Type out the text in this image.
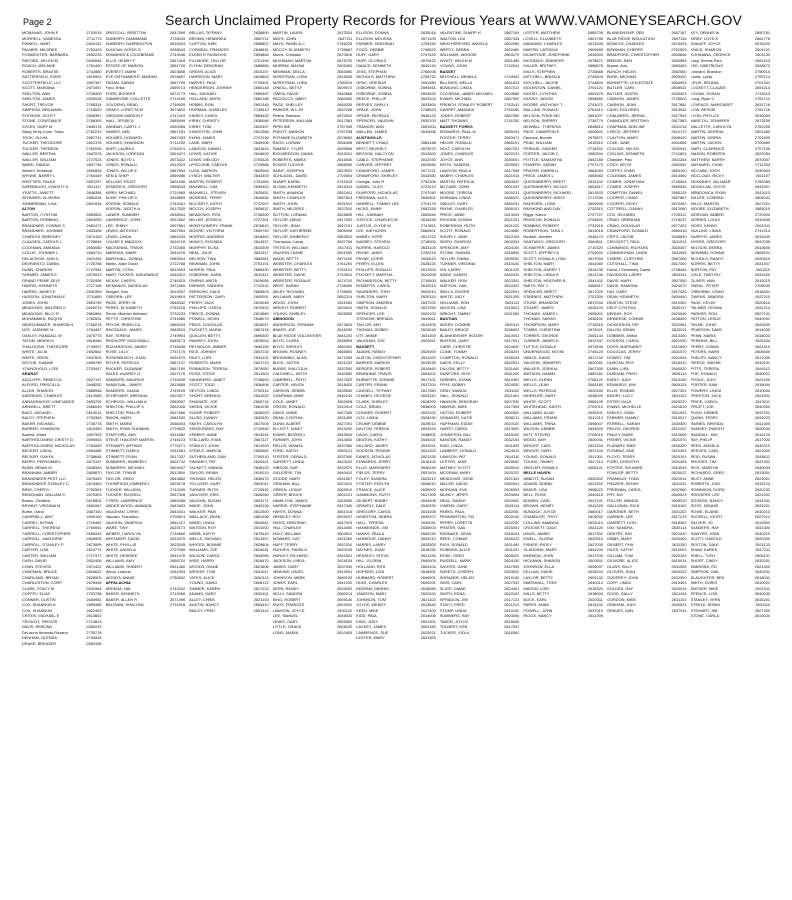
Page 2	Search Unclaimed Property Records for Previous Years at WWW.VAMONEYSEARCH.GOV
MCMANAS, JOHN P	2743915
MORRELL, VANESSA	2711773
PINNELL, BART	2634132
PALMER, MILDRED	2752429
POINDEXTER, BARBARA	2652233
RAFORD, HELEN M	2645084
ROACH, MELANIE	2761440
ROBERTS, BRAXSE	2742860
SATTERFIELD, EVER	2619501
SCOTTERFIELD, LLC	2657367
SCOTT, MARIANA	2671067
SHELTON, ANN	2735405
SHELTON, JAMES	2620028
SHORT, TREVOR	2765314
SIMPSON, BENJAMIN	2718520
STEVENS, SCOTT	2645367
STONE, CONSTANCE	2768363
SYKES, GARY M	2645176
Stacy Kirby Cons, Trista	2762213
TOOK, OLIVIA	2657741
TUCKER, THEODORE	2621376
TUCKER, THERESA	2762026
WALLER, BERTHA	2647076
WALLER, WILLIAM	2727523
WARD, RANDA	2697746
Warren, Kristiana	2690826
WYNNE, BARRY L	2764449
WHITTIER, PAULA	2657257
WIREBAUGH, CHASITY A	2621117
YEATTS, JANETT	2646356
ZEHNDER, ALJENNY	2651094
ZIMMERMAN, LISA	2601534
ALTON
BARTON, CYNTHIA	2653502
BARTON, ROBBING	2603050
BRANDNER, CONNIE S	2681472
BRANDNER, JOHNNIE	2633306
CHARLES SWEENEY	2671429
CLAUSEN, CAROLE L	2725646
COLEMAN, AMANDA	2653080
COLLIE, JOHNNIE L	2664710
DELACROIX, ANN C	2621492
DEVRIENTO, DANNI	2725758
DUNN, SHARON	2747961
FARMER, JAMES E	2673523
GRAND PRIME SELF	2751958
HARRIS, KENNETH	2727165
HARRIS, JAMES E	2642359
HUDSON, JONATHAN E	2711669
JONES, JOHN	2693749
MEADOWS, MILDRED K	2620075
MEADOWS, BILLY R	2661864
MOHAMMED, RUQIYA	2762531
NEWSOMAKER, SHARON H	2768215
NYE, JASMINE N	2764467
OAKLEY, RANDALL W	2675775
TATUM, MINDA M	2618446
THALGOSKI, THEODORE	2740007
WHITE, JULIA	2652662
WHITE, VIRGIL	2647603
WYCHE, DIANNE	2695789
YOUNGHOLD, LORI	2753447
ARARAT
ADCLIFFE, REBECCA	2627197
ALFORD, PRISCILLA	2648252
ALLEN, SHARON	2665946
ANDREWS, CHARLES	2613569
ANNAGRAGOS, VINEYARDS	2653792
ARNWELL, BRETT	2666049
BAEZ, MICHAEL	2613014
BALEY, STEPHEN	2753363
BAKER, MICHAEL	2738778
BARBER, SHANNON	2624493
Barnes, Allard	2697903
BARTHOLOMEW, CRISTY D	2690553
BARTHOLOMEW, NICHOLAS	2764069
BECKER, LINDA	2694466
BECKER, GAVYN	2738648
BERRY, PERSONNEL	2673197
BLAIR, BRIAN M	2648349
BRANHAM, AMBER	2605870
BRANDNEER PEST LLC	2675443
BRANDNEER STANLEY C	2674463
BRAY, CHERYL	2752583
BRIDGMAN, WILLIAM S	2675303
Brown, Christine	2676824
BRYANT, VIRGINIA M	2681567
Burke, Dana	2687340
CAMPBELL, AMY	2640100
CARREL, BYRAN	2715462
CARRELL, THERESA	2760061
CARRELL, CHRISTOPHER	2698332
CARROLL, MARJORIE	2628905
CARROLL, STANLEY P	2673999
CARTER, LISA	2614774
CARTER, WILLIAM	2717377
CASH, DAVID	2631408
CHAN, STEVEN	2671422
CHAPMAN, BRUCE	2616622
CHARLAND, BRYAN	2626503
CHARLESTON, CORP	2678348
CLARK, STACY M	2641964
COFFEY, ELIAS	2753758
CONNER, DUSTIN	2684981
COX, SHANNON A	2659485
COX, SHANNON	2622453
CRITES, MICHAEL E	2613602
CROUCH, TREVOR	2713813
DAVIS, REBONA	2650243
DeLaurin Amanda Roxana	2735778
DENHAM, GLENDA	2743426
DRAKE, BREAZER	2653155
DRISCOLL, BRISTTNA	2647590
DUBERRY, DIAMMAND	2735043
DUBERRY, DARRINGTON	2615024
DUNCAN, DORIS G	2638043
EDWARDS & LOCKBRAND	2743046
ELLIS, HENRY F	2647418
ESTATE OF MARION	2651726
EVERETT, MARK	2623556
EYE ORTHAMERIT, MARIAN	2676697
FAGAN, SARAH	2657795
Ford, Erika	2659713
FORD, BOOKER	2674773
GAMBRONE, COLLETTE	2714168
GOLDENG, BRAD	2759929
GRADY, LORETTA M	2673810
GROOMS MARION F	2747419
HALL, JESSICA	2685949
HANNAH, CARYL J	2630065
HAWES, VAN	2667181
HOLMES, HOWARD	2667433
HOLMES, SHANNON	2711292
HURT, LAURA K	2764474
JACKSON, LORENZA	2624474
JONES, BOYD L	2673422
JONES, RONALD	2612024
JONES, WILLIE E	2667694
KEN & SHEP	2669086
KELLING TRUST	2601536
KENERICK, GREGORY	2658043
KIRBY, MICHAEL	2721665
KLINE, PHILLIP D	2618899
KORSIN, RONALD	2744331
KORSIN, JUDITH A	2617520
LANIER, SUMMER	2638944
LAWRENCE, JOHN	2637662
LEE, JENNY	2697861
LEWIS, ANTHONY	2667554
LEWIS, LINDA	2661034
LOUISE E MADDOX	2616716
MACKENNA, TRAVIS	2732065
MARINAS, MARK	2644476
MARSHALL, DONNA	2683544
Martin, Allan Gould	2722768
MARTIN, CYRIL	2612003
MARY TUCKER, INSURANCE	2640412
MCKAY, CHERYL	2746315
MCMANUS, NICHOLAS	2671650
Morgan, Sari	2610997
OSBORN, LEE	2619819
PAGE, JERRY W	2648342
PEREZ, ELIZABETH	2762216
Perrin, Michael Webster	2732233
PETTIT, CHRISTINE	2741880
PRYOR, REBECCA	2665434
RAGSDALE, JAMES	2683519
RAY, TERESA	2749903
REIDSOPP, MCDOWALL	2645173
RICHARDSON, JAMES	2748435
ROSE, LILLY	2757175
ROSENBUSCH, JOAN	2631579
ROYER, PATRICIA	2667137
RUCKER, SUZANNE	2667189
SALES, AUDREY G	2627176
SANDERS, MAURICE	2733049
SANDOVAL, JAMES	2613685
SANDERS, JUANA	2749109
SCHRODER, BRENDAL	2622577
SCHROCK, WILLIAM A	2683057
SHELTON, PHILLIP S	2652326
SHELTON, PHILLIP	2617666
SIMON, MARY	2681530
SMITH, MARIE	2636403
SMITH, RYAN SHUNMIK	2729632
STAFFORD, AMY	2614482
STEVE THACKER MARTIN	2748123
STEWART, ARTHUR	2776271
STINNETT, DARLA	2611581
STINNETT, RYAN	2617337
SUMMERS, KIMBERLY	2601742
SUMMERS, MICHAEL	2629437
TAYLOR, TRAVIS	2612800
TAYLOR, GREG	2643862
THOMPSON, KIMBERLY	2603178
TUCKER, WILLENA	2742945
TUCKER, RUSSELL	2657308
TYREE, LAWRENCE	2683458
UNDER WOOD, AMANDA	2643403
VAUGHAN, CHRIS	2643431
Vaccaro, Francisco	2705613
VAUGHN, VANESSA	2661417
WARE, TINY	2623173
WEBER, CAROLYN	2734660
WHITAKER, DAVID	2614475
WHITE, PHYLLIS	2622045
WHITE, ANGELA	2727060
WHITE, DESIREE	2641476
WILLIAMS, AMY	2658710
WILLIAMS, ROBERT	2631480
Wood, Leanne	2611903
WOODS, ANNIE	2750542
APPALACHIA
ARDENA, HAL	2742042
BAKER, KENNETH	2719066
BAKER, ALLEN R	2671496
BALDWIN, SHALYNN	2731916
BELLAS, TIFFANY	2638600
BROWN, HENDRIKA	2660711
CLIFTON, KIRK	2698807
CORNEAL, FRANCES	2648831
ELDEN R RIGWOOD	2653864
FILLMORE, TAYLOR	2701394
FLYNN, DEBORAH	2686684
GREEN, ALICE	2615107
HARRISON, MARY	2618863
HARVEY, PAUL	2725301
HENDERSON, JOHNNY	2680148
HILL, MICHAEL	2695487
HOLLAND, ANITA	2682166
HOBBS, RON	2601345
HORMAN, CHARLES	2745510
KINSEY, CAROL	2683420
KIRBY, CHRISTY	2636066
KIRBY, TOM	2620497
KNIGHTON, JOHN	2612366
KUHN, JAMES	2707036
LANE, MARY	2640006
LAWSON, DANIEL	2631614
LEWIS, KATHIE	2616603
LEWIS, MELODY	2700326
LIPSCOMB, CAROLE	2710566
LUSK, MARION	2629064
LYNCH, WALTER	2643303
MARTIN, ROBERT	2751054
MAXWELL, KIM	2649402
MAXWELL, STEVEN	2625451
MCBRIDE, TERRY	2618454
MCCARTY, KATHY	2747007
MCCOY, JOSEPH	2609637
MEADOWS, RITA	2746300
MILLER, JESSICA	2727161
MONTGOMERY, FRANK	2676810
MOORE, VICTORIA	2609740
MORRIS, ANDREW	2618463
MUNCY, RHONDA	2614337
MURPHY, ELISA	2615305
NEAL, JULIE	2633117
NELSON, TINA	2685511
NEWMAN, JOHN	2753101
NORRIS, PAUL	2685430
OSBORNE, KARA	2610112
OWENS, ANITA	2619055
PARKER, SANDRA	2710310
PARSONS, DALE	2684503
PATTERSON, GARY	2640051
PERRY, JACK	2610048
PHILLIPS, CAROL	2679402
PIERCE, DONNA	2614560
POWELL, KEVIN	2648070
PRICE, DOUGLAS	2625047
PUCKETT, MARIA	2657416
QUILLEN, BETTY	2696300
RAMSEY, JOHN	2619004
REYNOLDS, AMBER	2640155
RICE, JOHNNY	2657233
RILEY, LORI	2633101
ROBERTS, MARK	2621710
ROBINSON, TERESA	2679050
ROSS, STEVE	2611603
SAUNDERS, JANET	2746602
SCOTT, TODD	2636406
SEXTON, LINDA	2752314
SHORT, BRENDA	2641020
SHUMATE, JOE	2605716
SKEEN, VICKIE	2661036
SLEMP, ROBERT	2626003
SLUSS, DANNY	2632520
SMITH, CAROLYN	2617004
SNODGRASS, RAY	2710540
SPARKS, ANNE	2613034
STALLARD, EVAN	2667117
STANLEY, JOHN	2612003
STEELE, MARCIA	2653062
SUTHERLAND, DAN	2705310
SWINNEY, PAT	2620401
TACKETT, WANDA	2648120
TAYLOR, BRIAN	2610015
THOMAS, HELEN	2636470
TOLLIVER, GARY	2694011
TURNER, RUTH	2715532
VANOVER, ERIC	2626060
VAUGHN, SUSAN	2603171
WADE, JOHN	2640126
WALKER, PAM	2612500
WALLACE, DEAN	2681006
WARD, LINDA	2605611
WATSON, ROY	2631002
WEBB, KATHY	2675410
WELLS, MICHAEL	2613307
WHITED, BONNIE	2629604
WILLIAMS, JOE	2624031
WILSON, CAROL	2643055
WISE, HARRY	2618470
WOODS, DIANE	2621606
WRIGHT, TOM	2631047
YATES, ALICE	2650114
YOUNG, DAVID	2608122
ZIMMER, KAREN	2617024
ADAMS, GARY	2632401
ALLEY, CHRIS	2621103
AUSTIN, NANCY	2653410
BAILEY, FRED	2651310
MARTIN, LAURA	2623204
MAYS, JOHN	2647111
MAYS, PAMELA C	2746225
MCCOY, ELIZABETH	2735687
Morris, Christian	2670618
MOSSMAN, MARTHA	2675720
MURRAY, MAYNA	2609400
NEWMAN, DELLA	2653060
NORSTRAN, LORA	2616035
NORSTRAN, LORA	2760015
O'NEILL, BETSY	2609072
OWEN, DAVID	2640665
PACIOCCO, MARY	2660062
PAGE, SHELLEY	2665326
PARKER, W L JR	2637206
Peters, Barbara	2670510
PETERSON, WILLIAM	2617063
PIPELINE	2757945
POINTT, MARION	2757208
POTAWIE ELIZABETH	2678062
RAGS, LORIAN	2636408
RAMSEY, TYLER	2639656
RICHARDSON, DIANA	2619201
ROBERTS, MARIA	2616040
RODES TUCKER	2668050
SAINT, JOSEPHA	2623520
SCHLAGEL, DAVID	2703604
SHARP, KARIN	2741515
SLOAN, KENNETH	2615313
SMITH, AMANDA	2652441
SMITH, CHARLES	2657813
SMITH, JOHN	2631910
SMITH, MILDRED	2637510
SUTTON, LORANA	2626805
TAYLOR, DAVID	2617502
TAYLOR, JEAN	2647101
TAYLOR, KATHERINE	2605006
TAYLOR, KIMBERLY	2663510
Thompson, Laura	2637764
TRITSCH, WILLIAM	2617411
VAUGHN, DIANE	2601530
WADE, BETTY	2672100
WEBSTER, CHARLES	2761200
WEBSTER, BETTY	2754101
WEBSTER, DAVID	2743510
WEBSTER, ROSALIE	2674700
WEST, SARAH	2738400
WILEY, RICHARD	2739500
WILLIAMS, MARY	2652214
WOOD, JOHN	2611500
WRIGHT, ROBERT	2634010
YOUNG, SHIRLEY	2625055
ABINGDON
ANDERSON, VERNAM	2673810
BAKER, JOE	2618200
BLUE RIDGE VOLUNTEER	2641202
BOYD, CLARA	2638905
BOYD, SHIRLEY	2662002
BROWN, RODNEY	2665800
BROWNING, ALAN	2671005
BUCK, JUSTIN	2621020
BURKE, MALCOLM	2637500
CALDWELL, KEITH	2640060
CAMPBELL, PATTI	2617020
CARTER, HELEN	2618420
CARSON, DEBRA	2639540
CHAPMAN, MIKE	2640140
COLE, JANET	2652608
CROSS, RONALD	2610014
DAVIS, MARK	2627340
DEAN, CYNTHIA	2631450
DUNN, ALBERT	2627301
ELLIOTT, JANET	2615200
EVANS, BEVERLY	2643003
FARMER, JOHN	2614500
FIELDS, WANDA	2637060
FORD, KATHY	2650121
FOSTER, GERALD	2637050
GARRETT, LINDA	2610102
GIBSON, SUE	2632070
GILLESPIE, TIM	2640410
GOODE, MARY	2631507
GRAHAM, BILL	2622010
GREEN, LESLIE	2659010
GREER, BRUCE	2602101
HAMILTON, JAMES	2625050
HARRIS, STEPHANIE	2617340
HAYES, DONNA	2661015
HENSLEY, ROY	2629207
HICKS, DEBORAH	2647024
HILL, CHARLES	2613060
HOLT, WILLIAM	2604510
HOWARD, KAY	2621060
HUFF, TERRY	2657010
HUGHES, PAMELA	2620135
HURLEY, RICHARD	2641501
JACKSON, LINDA	2628105
JAMES, GARY	2637040
JENKINS, HAZEL	2613051
JOHNSON, MARK	2680103
JONES, EARL	2641230
KEEN, RANDY	2634052
KELLY, SANDRA	2650214
KING, ROBERT	2609140
KNOX, FRANCES	2624010
LAWSON, JOYCE	2631120
LEE, SAMUEL	2646020
LEWIS, GARY	2659060
LITTLE, GRACE	2608102
LONG, MARIA	2610405
ELLISON, DONNA	2635016
ELLISON, MELISSA	2671109
FARMER, DEBORAH	2754330
FOGG, DEBBIE	2746522
HUFF, GARY	2747420
HUFF, GLORIA Z	2679420
ISAACS, KENNETH	2640143
JESS, STEPHAN	2760006
NICHOLS, MATTHEW	2706732
OPAC, GRESIAS	2651580
OSBORNE, SONNA	2694461
OSBORNE, SONNA	2604633
REECE, PHILLIP	2623104
REEVES, SHELLY	2633500
SPALE, JOHN	2748523
SPEAR, PATRICIA	2648123
SPENCER, VAUGHN	2630700
TRAINOR, ANN	2651504
WALLEN, JAMES	2610006
AUSTINVILLE
BENNETT, CRAIG	2684188
BRITT, BEVERLY	2679070
BRYSON, HALCYON	2612600
CABLE, STEPHANIE	2612030
CARVER, JEFFREY	2620650
CRAWFORD, JAMES	2677221
CRAWFORD, SHIRLEY	2643350
Coregis, John R	2752306
DANIEL, CLEO	2722012
DUNFORD, NICHOLAS	2747040
FREEMAN, ALEX	2646301
HARRELL, TOMMY LEE	2701176
HICKS, JIMMY	2652330
HILL, HANNAH	2600840
JUSTICE, CHARLES W	2616426
JUSTUS, CLYDE W	2743511
LEE, KATHLEEN	2680601
MABRY, HOPE	2617222
MASSEY, STEVEN	2718000
NORRIS, HAROLD	2633103
PAYNE, JANIS	2700215
PAYNE, DORIS	2620610
PERRY, ELLEN	2628220
PHILLIPS, RONALD	2617004
PUCKETT, MARTHA	2620005
RICHARDSON, BETTY	2716500
ROBERTS, CAROL	2610013
SAUNDERS, TONY	2620010
SHELTON, MARY	2620310
SIMPSON, ANDREA	2637200
SMITH, RONALD	2627050
SPENCER, LEE	2620100
STEVENS, BRENDA	2646011
TAYLOR, AMY	2610305
THOMAS, BOBBY	2624040
UTT, ANNIE	2631100
VAUGHAN, JOE	2626011
BASSETT
ADAMS, RANDY	2625000
AUSTIN, CHRISTOPHER	2611020
BARKER, MARION	2619030
BERGER, ROBERT	2624460
BRANHAM, TRAVIS	2604002
BURNETTE, DONNIE	2617101
CARTER, FRANK	2637200
CASSELL, TIFFANY	2617360
CHANEY, GEORGE	2625310
CLARK, SHIRLEY	2618200
COLE, BRIAN	2636003
CONNER, ROBERT	2622100
COX, LINDA	2628330
CRUMP, DEBBIE	2629014
DALTON, TERESA	2632520
DAVIS, CAROL	2638001
DEATON, KATHY	2645101
DILLARD, JAMES	2632011
DODSON, RONNIE	2621200
EANES, DOUGLAS	2621330
EDWARDS, JERRY	2616100
ELLIS, MARGARET	2640240
FIELDS, TERRY	2637404
FOLEY, SANDRA	2623210
FOSTER, EVELYN	2628010
FRANCE, ALICE	2639002
GAMMONS, RUTH	2617305
GILBERT, BOBBY	2604006
GRAVELY, DALE	2640330
GREGORY, CAROL	2614106
HAIRSTON, DEBRA	2630107
HALL, TERESA	2630041
HAMMONDS, JIM	2635003
HANKS, PAULA	2600230
HARBOUR, DANNY	2620210
HARRIS, LARRY	2625300
HAYNES, JOAN	2616250
HENSLEY, STEVE	2621330
HILL, GLORIA	2640005
HOLLAND, RITA	2604104
HOPKINS, LISA	2618301
HUBBARD, ROBERT	2640001
HUNT, CHARLES	2630201
INGRAM, DENNIS	2618050
JAMISON, MARY	2620320
JOHNSON, TOM	2621102
JOYCE, WENDY	2613540
KEEN, MIKE	2617400
KIDD, PAUL	2614006
KING, JUDY	2641301
LACKEY, JAMES	2601340
LAWRENCE, SUE	2623021
LESTER, MARY	2631300
VALENTINE, SHARP H	2667104
WALTON, LEA	2667444
WEATHERFORD, ANGELA	2602099
WERTZ, DEBRA	2622460
WILLIAMS, WOODIE	2603170
WYATT, HELEN M	2651485
YOUNG, JOHN	2742041
BASSET
MITCHELL, BRIAN A	2744403
BILLINGS, MELLA	2651514
BOWLING, LINDA	2637213
COCHRAN, JAMES MICHAEL	2604966
EVANS, MICHAEL	2687900
FRENCH, STANLEY ROBERT	2763141
GARRET, AMANDA	2760180
JONES, ROBERT	2657050
MATT THOMAS	2741230
BASSETT FORKS
EDWARDS, PAUL M	2655104
FOSTER, TERRY	2653471
HELMS, RONALD	2665101
HOLT, CAROLYN	2667201
JONES, CHARLES	2622131
JOYCE, ANN	2630001
KEITH, SANDRA	2625003
LAWSON, PAULA	2617036
MABRY, CHARLES	2621014
MARTIN, PATRICIA	2664020
MCCABE, JOHN	2601003
MOORE, TERESA	2620231
NORMAN, LINDA	2646022
OAKLEY, GARY	2660231
PAYNE, CHARLES	2655101
PRICE, JANIE	2613204
RIGGINS, DONNA	2621201
ROBERSON, RUTH	2631220
SCOTT, RONALD	2624060
SHIVELY, JANE	2612104
SMITH, SHARON	2602031
SPENCER, AMY	2624105
STONE, SAMUEL	2618005
TAYLOR, DIANA	2605200
TURNER, VIRGINIA	2610140
VIA, LARRY	2601225
WADE, KAREN	2640310
WALKER, RON	2623301
WATSON, GAIL	2610202
WELLS, ROGER	2622001
WHITE, JUDY	2631205
WILLIAMS, RON	2624111
WILSON, LISA	2615021
WRIGHT, TAMMY	2631050
BASTIAN
AKERS, DONNIE	2620111
BAILEY, BRUCE	2636003
BLANKENSHIP, ROGER	2610002
BURTON, GARY	2617001
CARR, CHRISTIE	2624000
CLINE, TOMMY	2618203
COMPTON, RONALD	2636104
DAVIS, KELLY	2622021
DILLOW, BETTY	2631400
DUNFORD, RICK	2641240
FARMER, JOANN	2610302
FRYE, BOBBY	2624000
GRAY, WANDA	2631102
HALL, RONALD	2621401
HANSON, DEBORAH	2627030
HAVENS, MIKE	2617305
HILTON, ROBERT	2600300
HONAKER, KATIE	2628211
HUFFMAN, EDDIE	2610120
HURST, CAROL	2613502
JOHNSTON, BILL	2615100
KANODE, RANDY	2632104
KIDD, LINDA	2611505
LAMBERT, DONALD	2624012
LAWSON, PAT	2614110
LESTER, JANE	2628400
MATNEY, SCOTT	2645010
MCGRAW, MARY	2620220
MEADOWS, GENE	2621341
MILLER, DAVID	2630041
MORGAN, EVA	2626303
MUNCY, JERRY	2633004
NEAL, SARAH	2620000
OWENS, GARY	2643114
PARKS, PAUL	2632000
PENNINGTON, TIM	2620140
PERRY, LORETTA	2622200
PRATER, GAIL	2620201
RASNAKE, DEAN	2618104
REED, CONNIE	2630222
RICH, DONALD	2631440
ROBBINS, ALICE	2611231
ROSE, GREG	2605020
RUSSELL, MARK	2624130
SAYERS, JUNE	2647005
SHEETS, JOSEPH	2633020
SHRADER, HELEN	2610140
SIMS, CARL	2627333
SLATE, DIANE	2624401
SMITH, EDNA	2620103
SPRADLIN, JIM	2617123
STACY, FRED	2621212
STUMP, LINDA	2610100
SUMMERS, RAY	2603006
TABOR, JOYCE	2615006
TOLBERT, KEN	2617002
TUCKER, VIOLA	2618300
LESTER, MATTHEW	2685739
LOVELL, ELIZABETH	2601755
MANNING, CHARLES	2613345
MARTIN, LATONYA	2609580
MCARTHUR, JOSEPHINE	2635903
MCGRADY, JENNIFER	2678871
MILLER, BRITNEY	2666576
MILLS, STEPHEN	2725666
MITCHELL, BRIAN A	2744604
MITCHELL, JACKIE	2744803
MOLENTON, DANIEL	2761121
MOODY, CYNTHIA	2651575
MOODY, JASON	2605660
MOORE, ANTHONY T	2743071
MULLINS, RONALD	2761612
NELSON, POKE INC	2651007
NELSON, SHERRY	2736770
NEWBILL, THERESA	2648514
PACE, CAMERON E	2600602
Parsons, Bonnie	2675871
PEAK, WILLIAM	2615310
PERDUE, GINGER	2715302
PORTER, JACOB C	2660304
POTTLE, SAMANTHA	2642180
POWERS, SARAH	2707173
PRATER, DARRELL	2684053
PRICE, JAMES L	2655982
QUESINBERRY, BRETT	2612102
QUESINBERRY, NICOLE	2602617
QUESINBERRY, RICHARD	2617603
QUESINBERRY, MISSY	2717530
RADFORD, LORA	2609500
RAYMOND AND DAY	2720310
Riggs, Karen	2707727
RINGEON, RONALD	2704602
ROBBINS, ROBERT	2731516
ROBERTSON, TARA J	2613016
Rudisill, Jennifer	2646170
SANTIAGO, GREGORY	2664511
SCHAEFER, JAMES	2710320
SCOTT, JEFFREY A	2703002
SCOTT, RONALD LYNN	2617054
SHELTON, MARY	2641060
SHELTON, HARRY T	2614230
SHELTON, LINDA R	2612140
SHELTON, HEATHER B	2641411
SMITH, PAT J	2665917
SPENCER, BRETT	2617025
STARNES, MATTHEW	2701300
STONE, BRANDON	2617004
STUART, JAMES	2626103
THOMAS, JAMES L	2605001
THOMAS, SARAH	2635102
THOMPSON, MARY	2718316
TOMBS, CHRISTINA	2674021
TORRES, GEORGE	2651144
TURNER, JAMES D	2612347
TUTTLE, DONALD	2674506
UNDERWOOD, KEVIN	2745123
VANCE, DAVID	2617132
VAUGHN, JENNIFER	2620051
WALKER, JOSHUA	2607300
WATSON, DANIEL	2650161
WELLS, GLENN	2708121
WELLS, LEAH	2661160
WELLS, PATRICIA	2620450
WHEELER, GARY	2648020
WHITE, SCOTT	2665105
WHITEHEAD, KATHY	2702010
WILLIAMS, ALAN	2635201
WILLIAMS, FRANK	2611212
WILLIAMS, TRINA	2698007
WILSON, DEBBIE	2624003
WITT, STEVEN	2705010
WOOD, AMY	2620041
WRIGHT, CARL	2621304
WRIGHT, GARY	2637104
YOUNG, DONALD	2611301
YOUNG, TAMMY	2617114
ZEIGLER, RONALD	2605121
BELLE HAVEN
ABBOTT, SUSAN	2620302
ADAMS, BOBBY	2621302
BAKER, LISA	2608022
BELL, ROSE	2640115
BOWEN, CARL	2627101
BROWN, HENRY	2641320
BUNDICK, JOYCE	2660017
CHANDLER, TROY	2624002
COLLINS, AMANDA	2631014
CROCKETT, DALE	2611120
DAVIS, JAMES	2617301
EWELL, GLORIA	2620510
FISHER, RICKY	2627030
GLADDING, MARY	2641200
HARMON, JOHN	2617200
HICKMAN, SHARON	2603011
JOHNSON, ELLA	2626007
KELLAM, DAVID	2628204
LAYLOR, BETTY	2605132
MARSHALL, TONY	2640314
MASON, LORI	2615320
MILLS, BETTY	2618004
NOCK, EARL	2620311
PARKS, ANNA	2614102
POWELL, JOHN	2637010
RIGGS, NANCY	2611305
BLANKENSHIP, DEB	2657167
BLUE RIDGE INSULATION	2657116
BOWLES, CHARLES	2676403
BOWMAN, CHERRY	2761503
BRADFORD, CHRISTOPHER	2653646
BRIDGE, BEN	2640965
Bryant, Ann	2684403
BUNCH, HELEN	2662050
BURK, MICHAEL	2625420
BURNETTE, LEN ESTATE	2664903
BUTLER, CARL	2608032
BUTLER, JUSTIN	2640403
CANNON, JAMES	2725620
CANNON, JEAN	2617881
CASH, DOLORES	2614042
CHALMERS, JERRAL	2617593
CHANDLER, BRITTANY	2617583
CHAPMAN, ADELINE	2641216
CHECK, JEFFREY	2610172
CLAYTON, MARY	2608420
COLE, JUNE	2641606
COLLINS, HELEN	2632041
COLLINS, KENNETH	2741601
Chandler, Paul	2602264
CODY, KEITH	2682082
COFFEY, EVAN	2663100
COLEMAN, JAMES	2614060
COMER, JONATHAN	2740004
COMER, JOSEPH	2669530
COMPTON, DANIEL	2665125
COOPER, CINDE	2667867
COOPER, RICKY	2670402
COTTRELL, DANNY	2612060
COX, RICHARD	2705312
CRAIG, BRENDAN	2718237
CRAIG, DOUGLAS	2677422
CRAWFORD, DONALD	2660416
CRITZ, JACOB	2636630
CROCKETT, PAUL	2611012
CUMMINGS, RICHARD	2620307
CUNNINGHAM, LINDA	2611005
CURRIE, CLIFFORD	2667006
CUTSHALL, TINA	2617300
David J Senseney, David	2748444
DAVIDSON, LARRY	2603311
DAVIS, MARY	2607050
DAVIS, RAMONA	2624070
DAY, GARY	2617420
DEAN, KENNETH	2604400
DEATON, STEVE	2610302
DELP, CYNTHIA	2630117
DENNIS, ROY	2620040
DEWEESE, CONNIE	2638420
DICKERSON, PAT	2622061
DILLON, BRIAN	2632011
DOBBINS, ANNA	2613300
DODSON, CAROL	2621030
DOSS, MARGARET	2612600
DOUGLAS, JERRY	2631070
DOWDY, TIM	2621004
DUNCAN, ROY	2618410
DUNN, LISA	2640020
DURHAM, FRED	2626113
EARLY, JUDY	2613150
EDWARDS, KIM	2605124
ELLIS, RONNIE	2627301
EMORY, LUCY	2641102
ESTEP, DALE	2618220
EVANS, MICHELLE	2621610
FARLEY, JOAN	2621002
FARMER, DANNY	2615017
FERRELL, SARAH	2630300
FIELDS, GEORGE	2612202
FINLEY, MARK	2612605
FISHER, VICKIE	2621070
FLANARY, MIKE	2630220
FLEMING, ANN	2610324
FLOYD, TERRY	2620101
FORD, DOROTHY	2631404
FOSTER, RICHARD	2614033
FOWLER, BETTY	2620022
FRANKLIN, TODD	2621014
FRAZIER, KENNY	2611031
FREEMAN, CAROL	2637060
FRY, JIM	2640023
FULLER, WANDA	2605210
GALLOWAY, RICK	2615102
GARDNER, BETH	2631202
GARNER, LEE	2617213
GARRETT, DON	2618302
GAY, SANDRA	2630114
GENTRY, RAY	2621020
GIBBS, MARY	2640400
GILBERT, PHIL	2611250
GILES, KATHY	2610003
GILLIAM, TOM	2620102
GILMORE, ALICE	2615014
GLASS, BILLY	2641005
GLOVER, JEAN	2603203
GODFREY, JOHN	2622300
GOFF, LINDA	2615403
GOLDEN, RAY	2620015
GOOD, SALLY	2621104
GORDON, MIKE	2631102
GRAHAM, JUDY	2640021
GRAVES, DAN	2637011
KEY, DENNIS W	2650761
KIRBY, LOYD E	2661776
KNAUFF, JOYCE	2676200
KNICK, SHARON	2604101
KOHINANA, CEDRICK	2601133
Lacy, Dennis Paul	2661413
LEE, DIMITRIOUS	2628572
Leonard, Brandon	2750014
Lewis, Lydia	2763714
LEVIS, REGINA	2701341
LOCKETT, CLAUDE	2651313
LOGAN, SUSAN	2743113
Long, Ryan C	2761714
LOVEACE, MARGARET	2631716
LOW, BESSIE	2761716
LYON, PHYLLIS	2616053
MARCOLI, JENNIFER	2673200
MALLETTE, CAROLYN	2762205
MARTIN, DERRIAL	2601460
MARTIN, DEBRA	2702400
MARTIN, JACKEL	2700453
MARY, CLARENCE	2707105
MASON, ROBERTA	2622054
MATTHEW, BARRY	2670007
MAYNARD, CHAD	2711324
MCCABE, JOSH	2630403
MCCLOUD, RICKY	2611107
MCKINNEY, VALLMAR	2762063
MCMILLAN, JOYCE	2641507
MENDONCA, RYAN	2610113
MILLER, CONRAD	2604041
MILLS, MARTIN	2627421
MOORE, ELIZABETH	2665015
MORGAN, AMBER	2720400
MORRIS, LOUIS	2610405
MOSS, KENNY	2621311
MULLINS, LINDA	2741314
MURPHY, JAMES	2614430
MYERS, GREGORY	2647035
NELSON, DEBRA	2613600
NEWMAN, DONNA	2665201
NICHOLS, RANDY	2620410
NORRIS, BETTY	2631407
NORTON, PAT	2621110
OGLE, TIMOTHY	2643200
OLIVER, ANN	2615215
ONEAL, PETER	2705030
OSBORNE, CRAIG	2618201
OWENS, SANDRA	2637110
PAGE, KEVIN	2620510
PALMER, DONNA	2611214
PARKER, RON	2627101
PATTON, LESLIE	2640001
PAYNE, JOHN	2620400
PEARSON, DAVE	2614030
PENN, MARIA	2618023
PERKINS, BILL	2631104
PERRY, JOANN	2621310
PETERS, MARK	2605400
PHELPS, NANCY	2617030
PIERCE, WAYNE	2610231
PITTS, TERESA	2640112
POE, RONALD	2630021
POOLE, JUDY	2621200
PORTER, SAM	2618044
POWERS, LINDA	2610003
PRESTON, JACK	2621501
PRICE, CAROL	2615211
PRUITT, JOE	2640300
PUGH, DEBBIE	2637201
QUINN, TERRY	2631023
RAINES, BRENDA	2611400
RAMSEY, DWIGHT	2620033
RANDALL, KIM	2614120
RAY, PHILIP	2617023
REED, ANGELA	2630310
REEVES, CARL	2621003
REID, SUSAN	2618011
RHODES, TIM	2637302
RICE, MARTHA	2640034
RICHARDS, GREG	2613001
RILEY, ANNE	2621021
ROBERTS, JOEL	2615123
ROBINSON, DORA	2620232
RODGERS, LEE	2621441
ROGERS, NANCY	2641001
ROSS, DENNIS	2631201
ROWE, ELAINE	2610213
RUSSELL, KEITH	2627012
SALYER, JO	2613502
SANDERS, RAY	2611304
SAWYER, JEAN	2640210
SCOTT, HAROLD	2620300
SEXTON, DALE	2621123
SHAW, KAREN	2617211
SHELL, TONY	2605131
SHORT, CINDY	2632001
SIMMONS, ED	2621300
SIMPSON, GAIL	2630201
SLAUGHTER, BEN	2618041
SMITH, DORIS	2610021
SNYDER, MIKE	2621011
SPENCE, LOIS	2640030
STANLEY, VERN	2615201
STEELE, ROBIN	2631110
STEWART, JIM	2627300
STONE, CARLA	2613024
